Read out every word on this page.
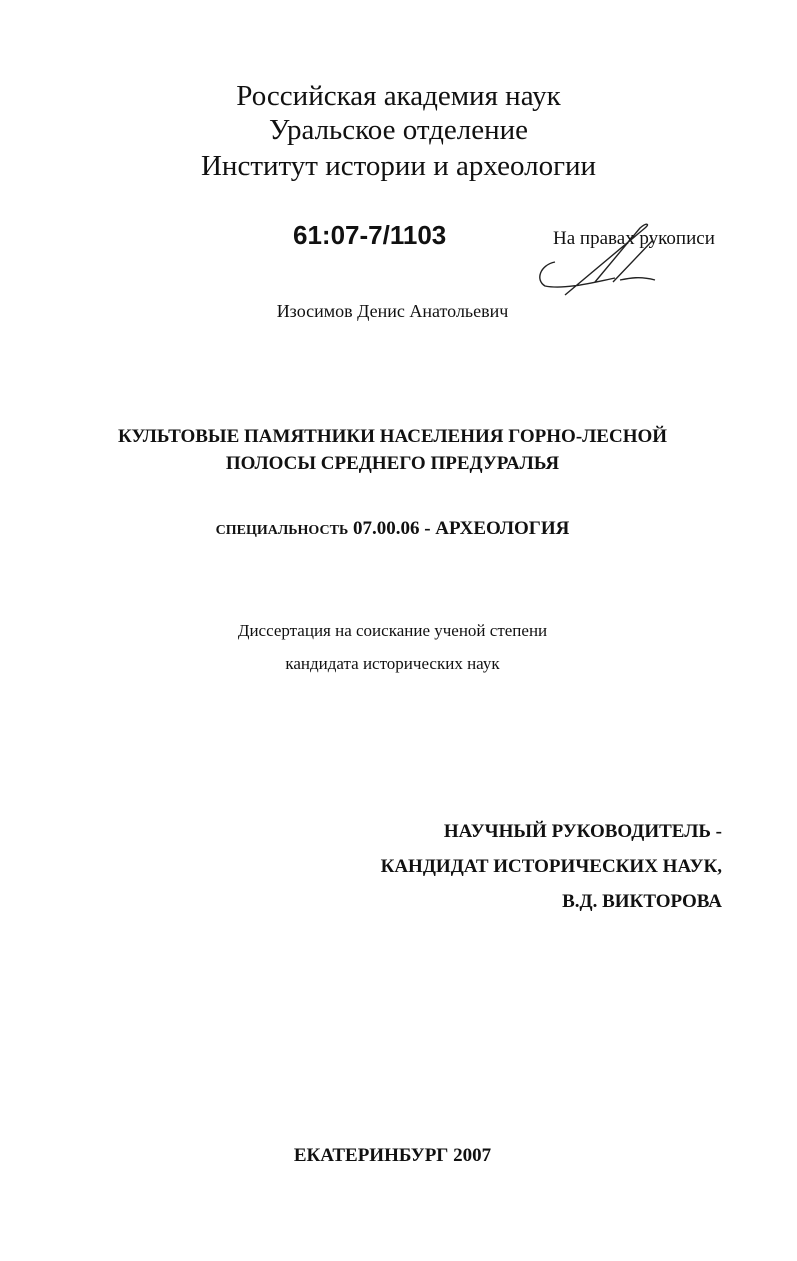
Российская академия наук
Уральское отделение
Институт истории и археологии
61:07-7/1103	На правах рукописи
Изосимов Денис Анатольевич
КУЛЬТОВЫЕ ПАМЯТНИКИ НАСЕЛЕНИЯ ГОРНО-ЛЕСНОЙ
ПОЛОСЫ СРЕДНЕГО ПРЕДУРАЛЬЯ
СПЕЦИАЛЬНОСТЬ 07.00.06 - АРХЕОЛОГИЯ
Диссертация на соискание ученой степени
кандидата исторических наук
НАУЧНЫЙ РУКОВОДИТЕЛЬ -
КАНДИДАТ ИСТОРИЧЕСКИХ НАУК,
В.Д. ВИКТОРОВА
ЕКАТЕРИНБУРГ 2007
